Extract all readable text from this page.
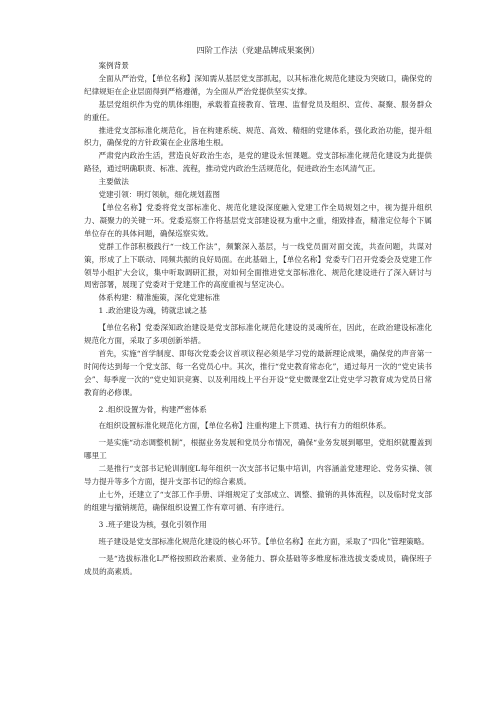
四阶工作法（党建品牌成果案例）

案例背景

全面从严治党，【单位名称】深知需从基层党支部抓起，以其标准化规范化建设为突破口，确保党的纪律规矩在企业层面得到严格遵循，为全面从严治党提供坚实支撑。

基层党组织作为党的肌体细胞，承载着直接教育、管理、监督党员及组织、宣传、凝聚、服务群众的重任。

推进党支部标准化规范化，旨在构建系统、规范、高效、精细的党建体系，强化政治功能，提升组织力，确保党的方针政策在企业落地生根。

严肃党内政治生活，营造良好政治生态，是党的建设永恒课题。党支部标准化规范化建设为此提供路径，通过明确职责、标准、流程，推动党内政治生活规范化，促进政治生态风清气正。

主要做法

党建引领：明灯领航，细化规划蓝图

【单位名称】党委将党支部标准化、规范化建设深度融入党建工作全局规划之中，视为提升组织力、凝聚力的关键一环。党委巡察工作将基层党支部建设视为重中之重，细致排查，精准定位每个下属单位存在的具体问题，确保巡察实效。

党群工作部积极践行“一线工作法”，频繁深入基层，与一线党员面对面交流，共查问题，共谋对策，形成了上下联动、同频共振的良好局面。在此基础上，【单位名称】党委专门召开党委会及党建工作领导小组扩大会议，集中听取调研汇报，对如何全面推进党支部标准化、规范化建设进行了深入研讨与周密部署，展现了党委对于党建工作的高度重视与坚定决心。

体系构建：精准施策，深化党建标准

1 .政治建设为魂，铸就忠诚之基

【单位名称】党委深知政治建设是党支部标准化规范化建设的灵魂所在，因此，在政治建设标准化规范化方面，采取了多项创新举措。

首先，实施“首学制度、即每次党委会议首项议程必须是学习党的最新理论成果，确保党的声音第一时间传达到每一个党支部、每一名党员心中。其次，推行“党史教育常态化”，通过每月一次的“党史读书会”、每季度一次的“党史知识竞赛、以及利用线上平台开设“党史微课堂Z让党史学习教育成为党员日常教育的必修课。

2 .组织设置为骨，构建严密体系

在组织设置标准化规范化方面，【单位名称】注重构建上下贯通、执行有力的组织体系。

一是实施“动态调整机制”，根据业务发展和党员分布情况，确保“业务发展到哪里，党组织就覆盖到哪里工

二是推行“支部书记轮训制度L每年组织一次支部书记集中培训，内容涵盖党建理论、党务实操、领导力提升等多个方面，提升支部书记的综合素质。

止七外，还建立了“支部工作手册、详细规定了支部成立、调整、撤销的具体流程，以及临时党支部的组建与撤销规范，确保组织设置工作有章可循、有序进行。

3 .班子建设为核，强化引领作用

班子建设是党支部标准化规范化建设的核心环节。【单位名称】在此方面，采取了“四化”管理策略。

一是“选拔标准化L严格按照政治素质、业务能力、群众基础等多维度标准选拔支委成员，确保班子成员的高素质。
